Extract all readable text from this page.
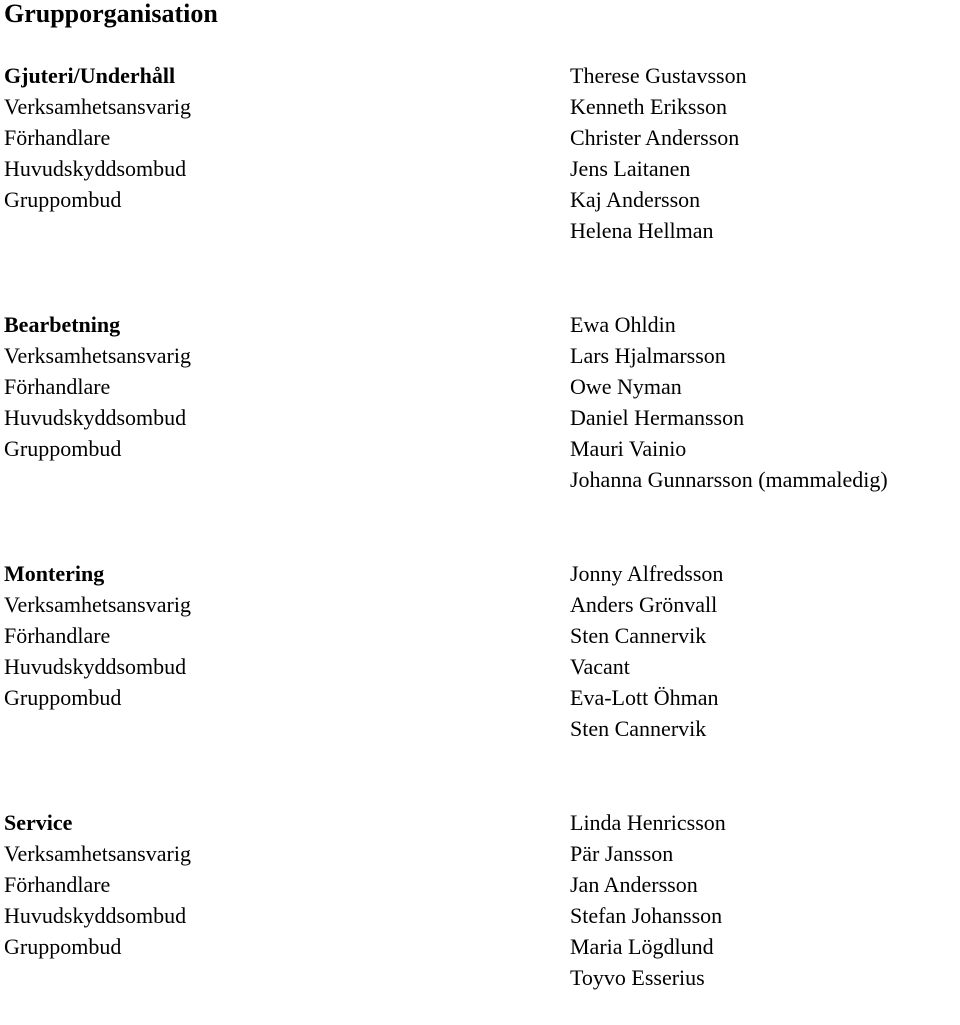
Grupporganisation
Gjuteri/Underhåll
Verksamhetsansvarig
Förhandlare
Huvudskyddsombud
Gruppombud
Therese Gustavsson
Kenneth Eriksson
Christer Andersson
Jens Laitanen
Kaj Andersson
Helena Hellman
Bearbetning
Verksamhetsansvarig
Förhandlare
Huvudskyddsombud
Gruppombud
Ewa Ohldin
Lars Hjalmarsson
Owe Nyman
Daniel Hermansson
Mauri Vainio
Johanna Gunnarsson (mammaledig)
Montering
Verksamhetsansvarig
Förhandlare
Huvudskyddsombud
Gruppombud
Jonny Alfredsson
Anders Grönvall
Sten Cannervik
Vacant
Eva-Lott Öhman
Sten Cannervik
Service
Verksamhetsansvarig
Förhandlare
Huvudskyddsombud
Gruppombud
Linda Henricsson
Pär Jansson
Jan Andersson
Stefan Johansson
Maria Lögdlund
Toyvo Esserius
